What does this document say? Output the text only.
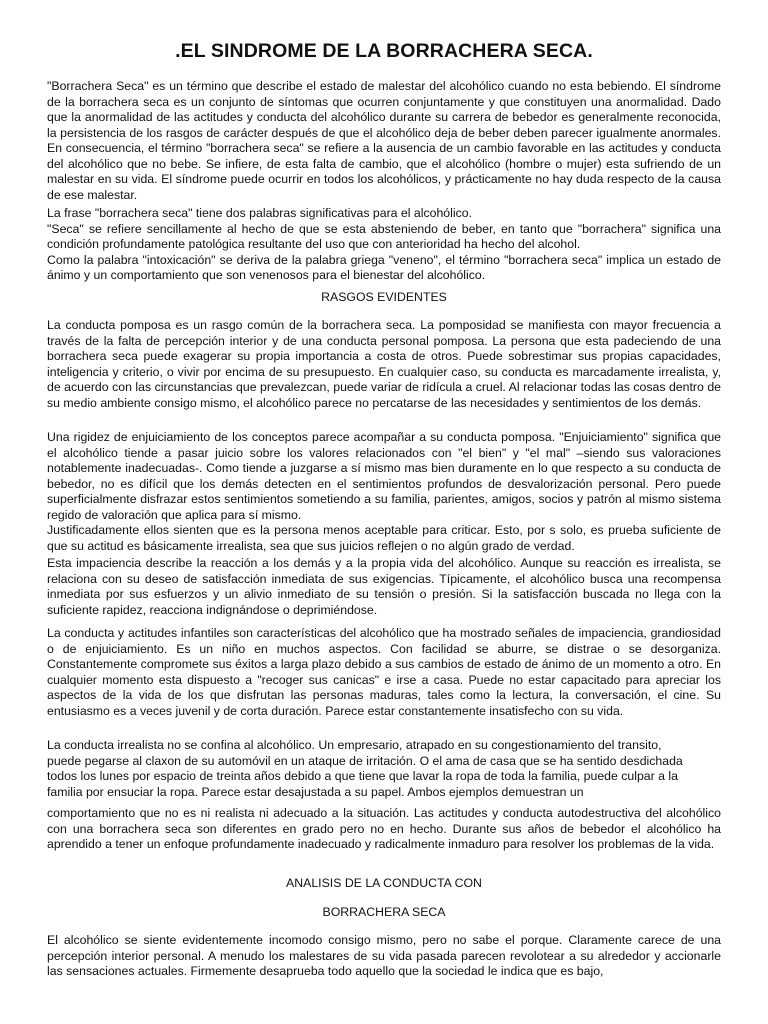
.EL SINDROME DE LA BORRACHERA SECA.

"Borrachera Seca" es un término que describe el estado de malestar del alcohólico cuando no esta bebiendo. El síndrome de la borrachera seca es un conjunto de síntomas que ocurren conjuntamente y que constituyen una anormalidad. Dado que la anormalidad de las actitudes y conducta del alcohólico durante su carrera de bebedor es generalmente reconocida, la persistencia de los rasgos de carácter después de que el alcohólico deja de beber deben parecer igualmente anormales. En consecuencia, el término "borrachera seca" se refiere a la ausencia de un cambio favorable en las actitudes y conducta del alcohólico que no bebe. Se infiere, de esta falta de cambio, que el alcohólico (hombre o mujer) esta sufriendo de un malestar en su vida. El síndrome puede ocurrir en todos los alcohólicos, y prácticamente no hay duda respecto de la causa de ese malestar.

La frase "borrachera seca" tiene dos palabras significativas para el alcohólico.

"Seca" se refiere sencillamente al hecho de que se esta absteniendo de beber, en tanto que "borrachera" significa una condición profundamente patológica resultante del uso que con anterioridad ha hecho del alcohol.

Como la palabra "intoxicación" se deriva de la palabra griega "veneno", el término "borrachera seca" implica un estado de ánimo y un comportamiento que son venenosos para el bienestar del alcohólico.

RASGOS EVIDENTES

La conducta pomposa es un rasgo común de la borrachera seca. La pomposidad se manifiesta con mayor frecuencia a través de la falta de percepción interior y de una conducta personal pomposa. La persona que esta padeciendo de una borrachera seca puede exagerar su propia importancia a costa de otros. Puede sobrestimar sus propias capacidades, inteligencia y criterio, o vivir por encima de su presupuesto. En cualquier caso, su conducta es marcadamente irrealista, y, de acuerdo con las circunstancias que prevalezcan, puede variar de ridícula a cruel. Al relacionar todas las cosas dentro de su medio ambiente consigo mismo, el alcohólico parece no percatarse de las necesidades y sentimientos de los demás.

Una rigidez de enjuiciamiento de los conceptos parece acompañar a su conducta pomposa. "Enjuiciamiento" significa que el alcohólico tiende a pasar juicio sobre los valores relacionados con "el bien" y "el mal" –siendo sus valoraciones notablemente inadecuadas-. Como tiende a juzgarse a sí mismo mas bien duramente en lo que respecto a su conducta de bebedor, no es difícil que los demás detecten en el sentimientos profundos de desvalorización personal. Pero puede superficialmente disfrazar estos sentimientos sometiendo a su familia, parientes, amigos, socios y patrón al mismo sistema regido de valoración que aplica para sí mismo.

Justificadamente ellos sienten que es la persona menos aceptable para criticar. Esto, por s solo, es prueba suficiente de que su actitud es básicamente irrealista, sea que sus juicios reflejen o no algún grado de verdad.

Esta impaciencia describe la reacción a los demás y a la propia vida del alcohólico. Aunque su reacción es irrealista, se relaciona con su deseo de satisfacción inmediata de sus exigencias. Típicamente, el alcohólico busca una recompensa inmediata por sus esfuerzos y un alivio inmediato de su tensión o presión. Si la satisfacción buscada no llega con la suficiente rapidez, reacciona indignándose o deprimiéndose.

La conducta y actitudes infantiles son características del alcohólico que ha mostrado señales de impaciencia, grandiosidad o de enjuiciamiento. Es un niño en muchos aspectos. Con facilidad se aburre, se distrae o se desorganiza. Constantemente compromete sus éxitos a larga plazo debido a sus cambios de estado de ánimo de un momento a otro. En cualquier momento esta dispuesto a "recoger sus canicas" e irse a casa. Puede no estar capacitado para apreciar los aspectos de la vida de los que disfrutan las personas maduras, tales como la lectura, la conversación, el cine. Su entusiasmo es a veces juvenil y de corta duración. Parece estar constantemente insatisfecho con su vida.

La conducta irrealista no se confina al alcohólico. Un empresario, atrapado en su congestionamiento del transito,

puede pegarse al claxon de su automóvil en un ataque de irritación. O el ama de casa que se ha sentido desdichada

todos los lunes por espacio de treinta años debido a que tiene que lavar la ropa de toda la familia, puede culpar a la

familia por ensuciar la ropa. Parece estar desajustada a su papel. Ambos ejemplos demuestran un

comportamiento que no es ni realista ni adecuado a la situación. Las actitudes y conducta autodestructiva del alcohólico con una borrachera seca son diferentes en grado pero no en hecho. Durante sus años de bebedor el alcohólico ha aprendido a tener un enfoque profundamente inadecuado y radicalmente inmaduro para resolver los problemas de la vida.

ANALISIS DE LA CONDUCTA CON
BORRACHERA SECA

El alcohólico se siente evidentemente incomodo consigo mismo, pero no sabe el porque. Claramente carece de una percepción interior personal. A menudo los malestares de su vida pasada parecen revolotear a su alrededor y accionarle las sensaciones actuales. Firmemente desaprueba todo aquello que la sociedad le indica que es bajo,
